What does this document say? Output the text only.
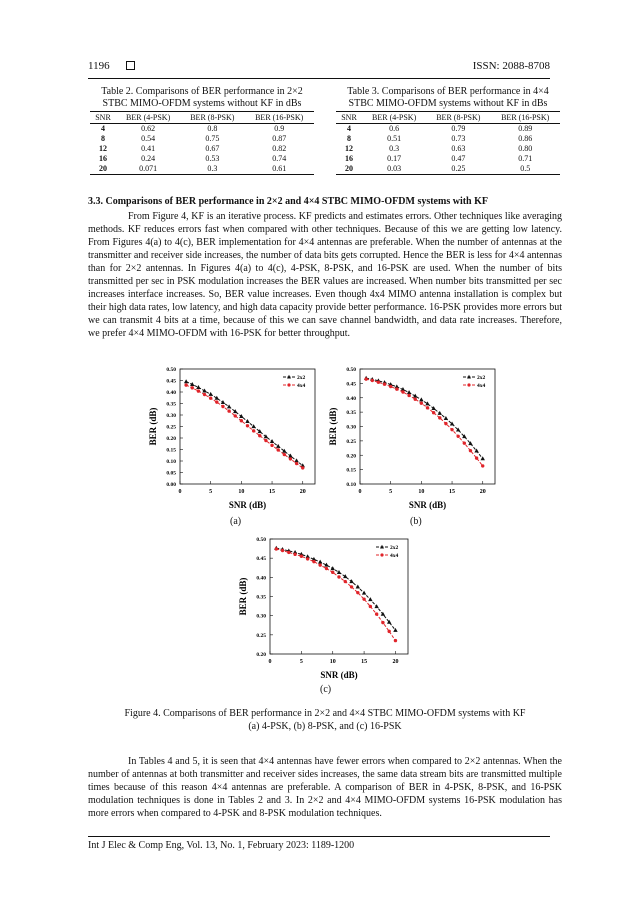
1196	ISSN: 2088-8708
Table 2. Comparisons of BER performance in 2×2 STBC MIMO-OFDM systems without KF in dBs
SNR	BER (4-PSK)	BER (8-PSK)	BER (16-PSK)
4	0.62	0.8	0.9
8	0.54	0.75	0.87
12	0.41	0.67	0.82
16	0.24	0.53	0.74
20	0.071	0.3	0.61
Table 3. Comparisons of BER performance in 4×4 STBC MIMO-OFDM systems without KF in dBs
SNR	BER (4-PSK)	BER (8-PSK)	BER (16-PSK)
4	0.6	0.79	0.89
8	0.51	0.73	0.86
12	0.3	0.63	0.80
16	0.17	0.47	0.71
20	0.03	0.25	0.5
3.3. Comparisons of BER performance in 2×2 and 4×4 STBC MIMO-OFDM systems with KF
From Figure 4, KF is an iterative process. KF predicts and estimates errors. Other techniques like averaging methods. KF reduces errors fast when compared with other techniques. Because of this we are getting low latency. From Figures 4(a) to 4(c), BER implementation for 4×4 antennas are preferable. When the number of antennas at the transmitter and receiver side increases, the number of data bits gets corrupted. Hence the BER is less for 4×4 antennas than for 2×2 antennas. In Figures 4(a) to 4(c), 4-PSK, 8-PSK, and 16-PSK are used. When the number of bits transmitted per sec in PSK modulation increases the BER values are increased. When number bits transmitted per sec increases interface increases. So, BER value increases. Even though 4x4 MIMO antenna installation is complex but their high data rates, low latency, and high data capacity provide better performance. 16-PSK provides more errors but we can transmit 4 bits at a time, because of this we can save channel bandwidth, and data rate increases. Therefore, we prefer 4×4 MIMO-OFDM with 16-PSK for better throughput.
0.00
0.05
0.10
0.15
0.20
0.25
0.30
0.35
0.40
0.45
0.50
0	5	10	15	20
SNR (dB)
BER (dB)
2x2
4x4
(a)
0.10
0.15
0.20
0.25
0.30
0.35
0.40
0.45
0.50
0	5	10	15	20
SNR (dB)
BER (dB)
2x2
4x4
(b)
0.20
0.25
0.30
0.35
0.40
0.45
0.50
0	5	10	15	20
SNR (dB)
BER (dB)
2x2
4x4
(c)
Figure 4. Comparisons of BER performance in 2×2 and 4×4 STBC MIMO-OFDM systems with KF
(a) 4-PSK, (b) 8-PSK, and (c) 16-PSK
In Tables 4 and 5, it is seen that 4×4 antennas have fewer errors when compared to 2×2 antennas. When the number of antennas at both transmitter and receiver sides increases, the same data stream bits are transmitted multiple times because of this reason 4×4 antennas are preferable. A comparison of BER in 4-PSK, 8-PSK, and 16-PSK modulation techniques is done in Tables 2 and 3. In 2×2 and 4×4 MIMO-OFDM systems 16-PSK modulation has more errors when compared to 4-PSK and 8-PSK modulation techniques.
Int J Elec & Comp Eng, Vol. 13, No. 1, February 2023: 1189-1200
